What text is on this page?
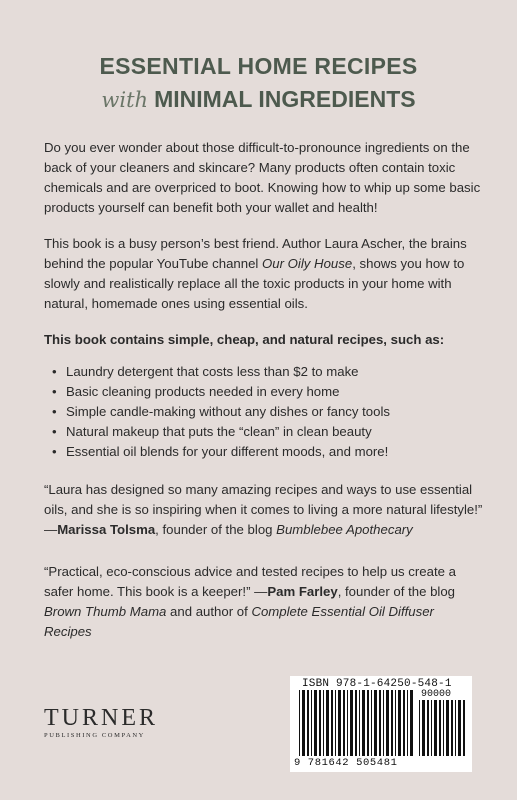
ESSENTIAL HOME RECIPES
with MINIMAL INGREDIENTS

Do you ever wonder about those difficult-to-pronounce ingredients on the back of your cleaners and skincare? Many products often contain toxic chemicals and are overpriced to boot. Knowing how to whip up some basic products yourself can benefit both your wallet and health!

This book is a busy person’s best friend. Author Laura Ascher, the brains behind the popular YouTube channel Our Oily House, shows you how to slowly and realistically replace all the toxic products in your home with natural, homemade ones using essential oils.

This book contains simple, cheap, and natural recipes, such as:

• Laundry detergent that costs less than $2 to make
• Basic cleaning products needed in every home
• Simple candle-making without any dishes or fancy tools
• Natural makeup that puts the “clean” in clean beauty
• Essential oil blends for your different moods, and more!

“Laura has designed so many amazing recipes and ways to use essential oils, and she is so inspiring when it comes to living a more natural lifestyle!” —Marissa Tolsma, founder of the blog Bumblebee Apothecary

“Practical, eco-conscious advice and tested recipes to help us create a safer home. This book is a keeper!” —Pam Farley, founder of the blog Brown Thumb Mama and author of Complete Essential Oil Diffuser Recipes

TURNER
PUBLISHING COMPANY
ISBN 978-1-64250-548-1
90000
9 781642 505481
